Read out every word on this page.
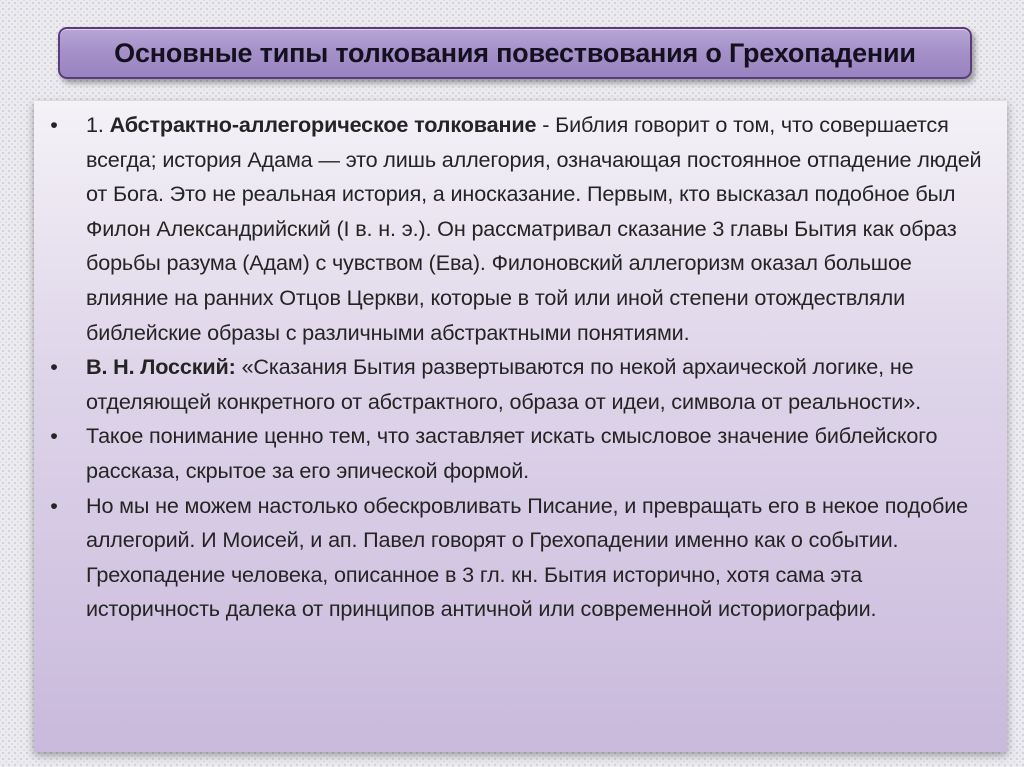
Основные типы толкования повествования о Грехопадении
• 1. Абстрактно-аллегорическое толкование - Библия говорит о том, что совершается всегда; история Адама — это лишь аллегория, означающая постоянное отпадение людей от Бога. Это не реальная история, а иносказание. Первым, кто высказал подобное был Филон Александрийский (I в. н. э.). Он рассматривал сказание 3 главы Бытия как образ борьбы разума (Адам) с чувством (Ева). Филоновский аллегоризм оказал большое влияние на ранних Отцов Церкви, которые в той или иной степени отождествляли библейские образы с различными абстрактными понятиями.
• В. Н. Лосский: «Сказания Бытия развертываются по некой архаической логике, не отделяющей конкретного от абстрактного, образа от идеи, символа от реальности».
• Такое понимание ценно тем, что заставляет искать смысловое значение библейского рассказа, скрытое за его эпической формой.
• Но мы не можем настолько обескровливать Писание, и превращать его в некое подобие аллегорий. И Моисей, и ап. Павел говорят о Грехопадении именно как о событии. Грехопадение человека, описанное в 3 гл. кн. Бытия исторично, хотя сама эта историчность далека от принципов античной или современной историографии.
